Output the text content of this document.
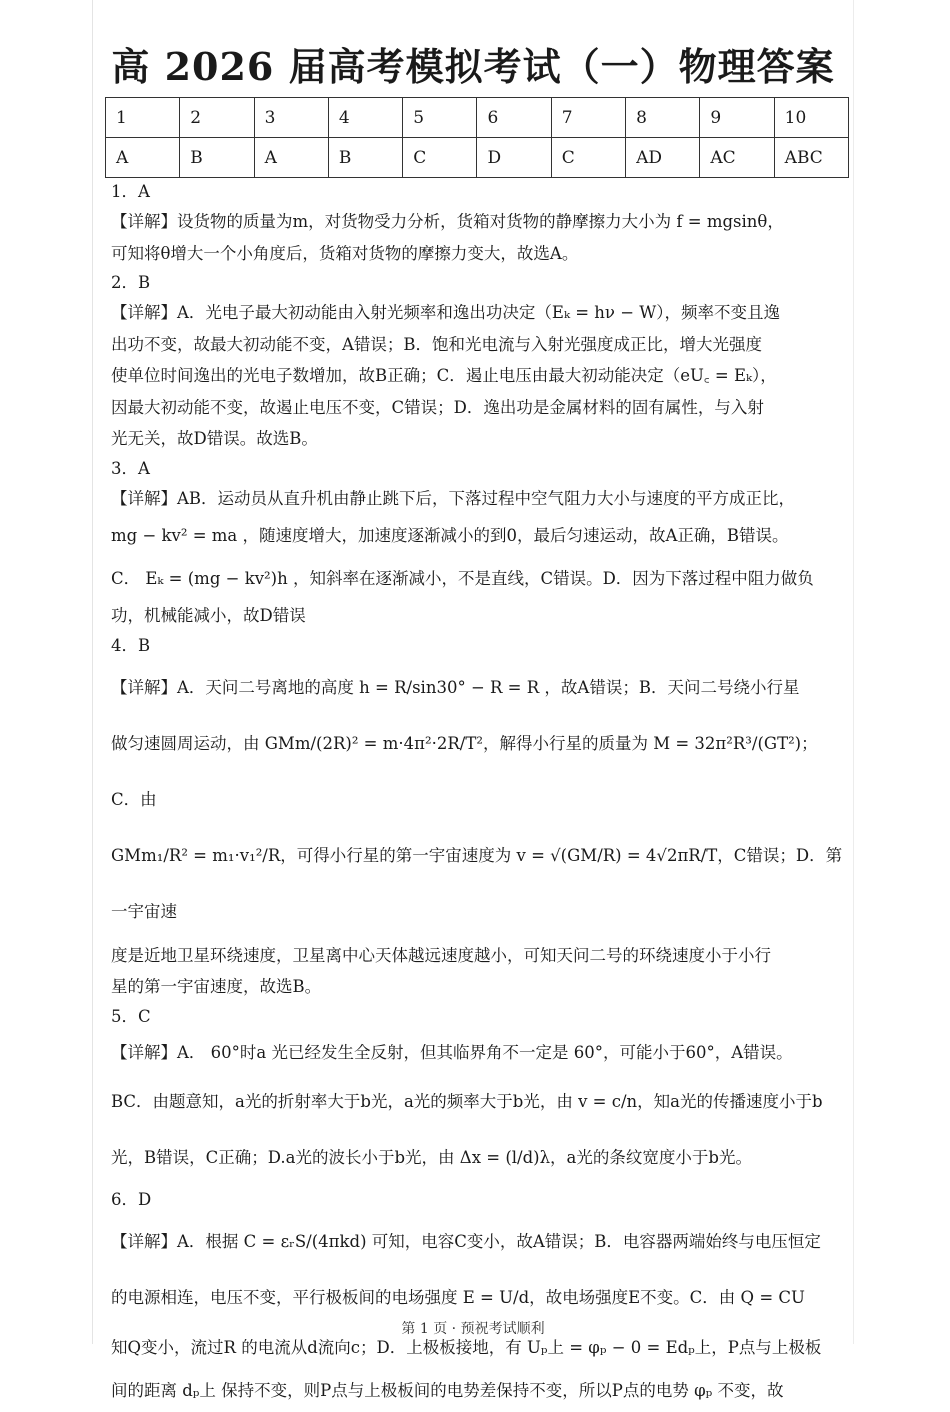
高 2026 届高考模拟考试（一）物理答案
1	2	3	4	5	6	7	8	9	10
A	B	A	B	C	D	C	AD	AC	ABC

1．A

【详解】设货物的质量为m，对货物受力分析，货箱对货物的静摩擦力大小为 f = mgsinθ，

可知将θ增大一个小角度后，货箱对货物的摩擦力变大，故选A。

2．B

【详解】A．光电子最大初动能由入射光频率和逸出功决定（Eₖ = hν − W），频率不变且逸

出功不变，故最大初动能不变，A错误；B．饱和光电流与入射光强度成正比，增大光强度

使单位时间逸出的光电子数增加，故B正确；C．遏止电压由最大初动能决定（eU꜀ = Eₖ），

因最大初动能不变，故遏止电压不变，C错误；D．逸出功是金属材料的固有属性，与入射

光无关，故D错误。故选B。

3．A

【详解】AB．运动员从直升机由静止跳下后，下落过程中空气阻力大小与速度的平方成正比，

mg − kv² = ma ，随速度增大，加速度逐渐减小的到0，最后匀速运动，故A正确，B错误。

C． Eₖ = (mg − kv²)h ，知斜率在逐渐减小，不是直线，C错误。D．因为下落过程中阻力做负

功，机械能减小，故D错误

4．B

【详解】A．天问二号离地的高度 h = R/sin30° − R = R ，故A错误；B．天问二号绕小行星

做匀速圆周运动，由 GMm/(2R)² = m·4π²·2R/T²，解得小行星的质量为 M = 32π²R³/(GT²)；C．由

GMm₁/R² = m₁·v₁²/R，可得小行星的第一宇宙速度为 v = √(GM/R) = 4√2πR/T，C错误；D．第一宇宙速

度是近地卫星环绕速度，卫星离中心天体越远速度越小，可知天问二号的环绕速度小于小行

星的第一宇宙速度，故选B。

5．C

【详解】A． 60°时a 光已经发生全反射，但其临界角不一定是 60°，可能小于60°，A错误。

BC．由题意知，a光的折射率大于b光，a光的频率大于b光，由 v = c/n，知a光的传播速度小于b

光，B错误，C正确；D.a光的波长小于b光，由 Δx = (l/d)λ，a光的条纹宽度小于b光。

6．D

【详解】A．根据 C = εᵣS/(4πkd) 可知，电容C变小，故A错误；B．电容器两端始终与电压恒定

的电源相连，电压不变，平行极板间的电场强度 E = U/d，故电场强度E不变。C．由 Q = CU

知Q变小，流过R 的电流从d流向c；D．上极板接地，有 Uₚ上 = φₚ − 0 = Edₚ上，P点与上极板

间的距离 dₚ上 保持不变，则P点与上极板间的电势差保持不变，所以P点的电势 φₚ 不变，故

第 1 页 · 预祝考试顺利
